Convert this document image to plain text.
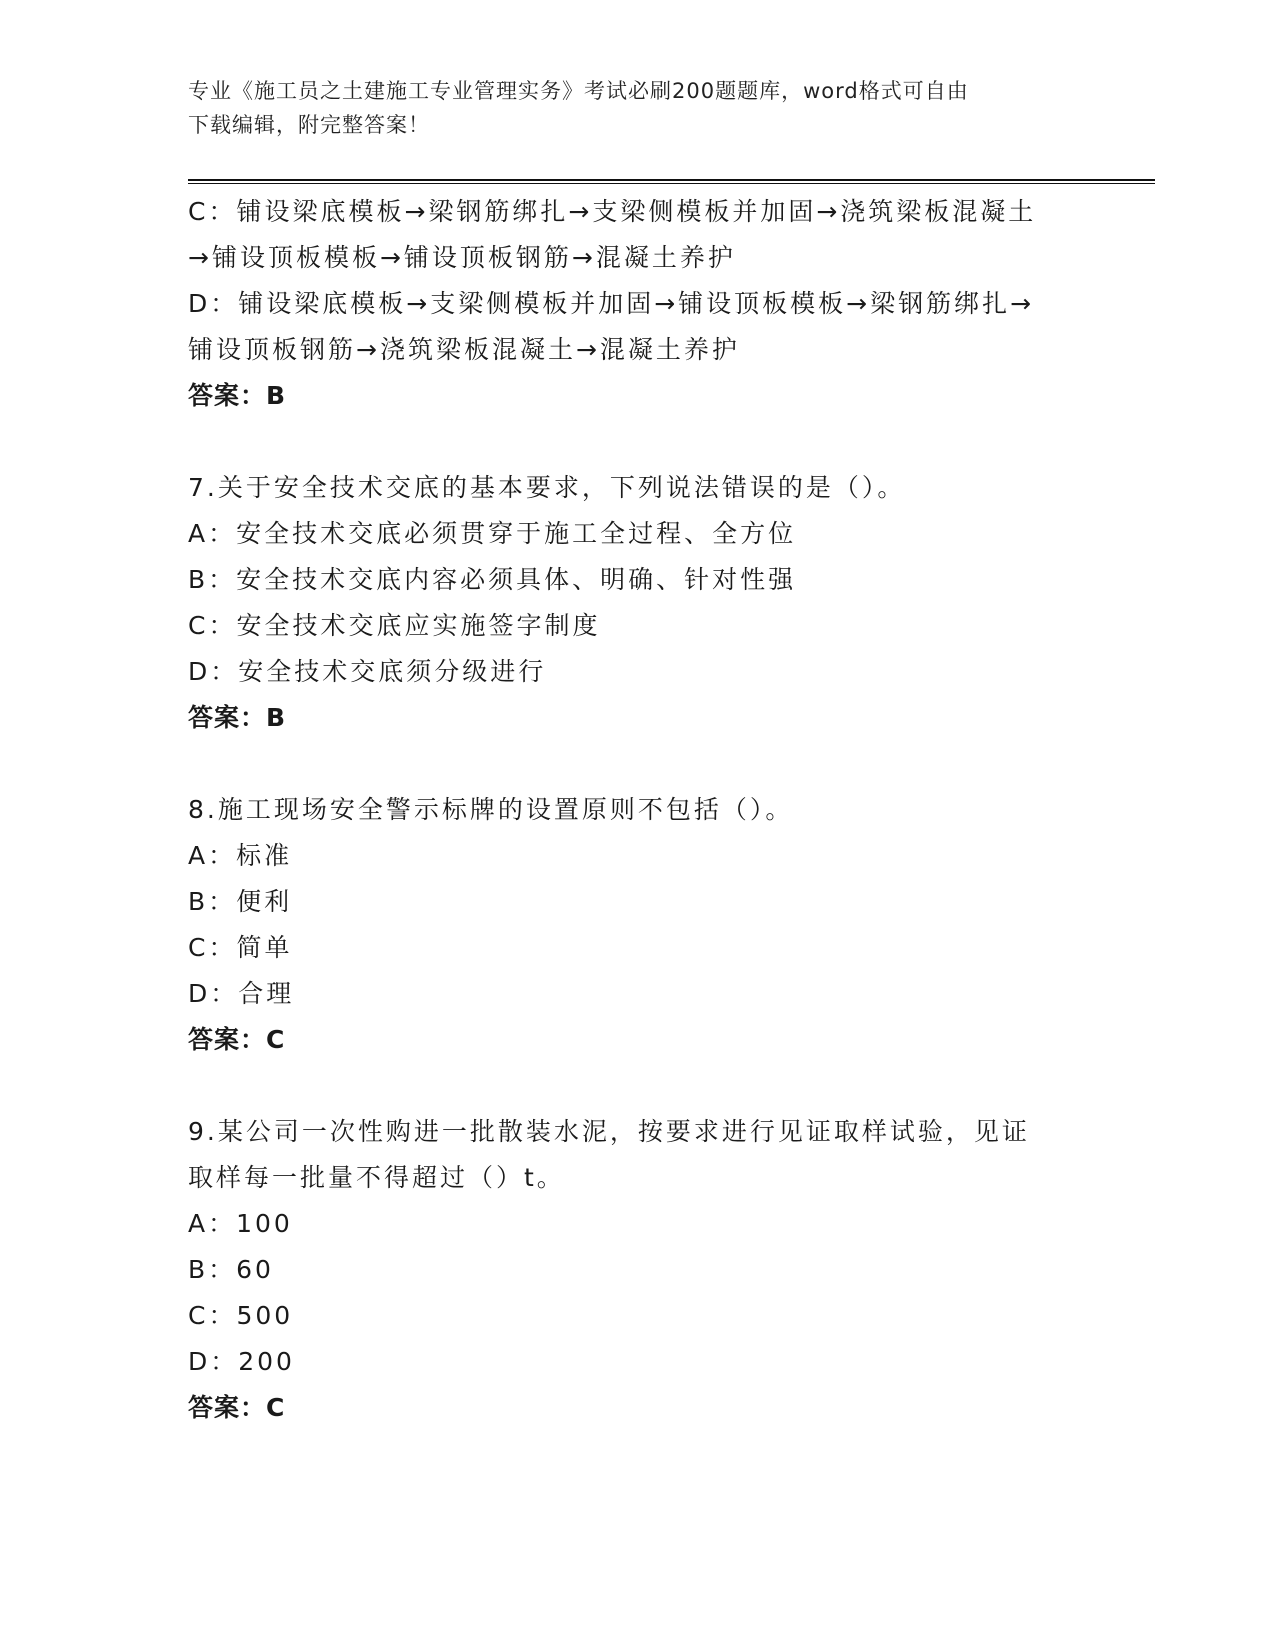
专业《施工员之土建施工专业管理实务》考试必刷200题题库，word格式可自由
下载编辑，附完整答案！
C：铺设梁底模板→梁钢筋绑扎→支梁侧模板并加固→浇筑梁板混凝土
→铺设顶板模板→铺设顶板钢筋→混凝土养护
D：铺设梁底模板→支梁侧模板并加固→铺设顶板模板→梁钢筋绑扎→
铺设顶板钢筋→浇筑梁板混凝土→混凝土养护
答案：B
7.关于安全技术交底的基本要求，下列说法错误的是（）。
A：安全技术交底必须贯穿于施工全过程、全方位
B：安全技术交底内容必须具体、明确、针对性强
C：安全技术交底应实施签字制度
D：安全技术交底须分级进行
答案：B
8.施工现场安全警示标牌的设置原则不包括（）。
A：标准
B：便利
C：简单
D：合理
答案：C
9.某公司一次性购进一批散装水泥，按要求进行见证取样试验，见证
取样每一批量不得超过（）t。
A：100
B：60
C：500
D：200
答案：C
